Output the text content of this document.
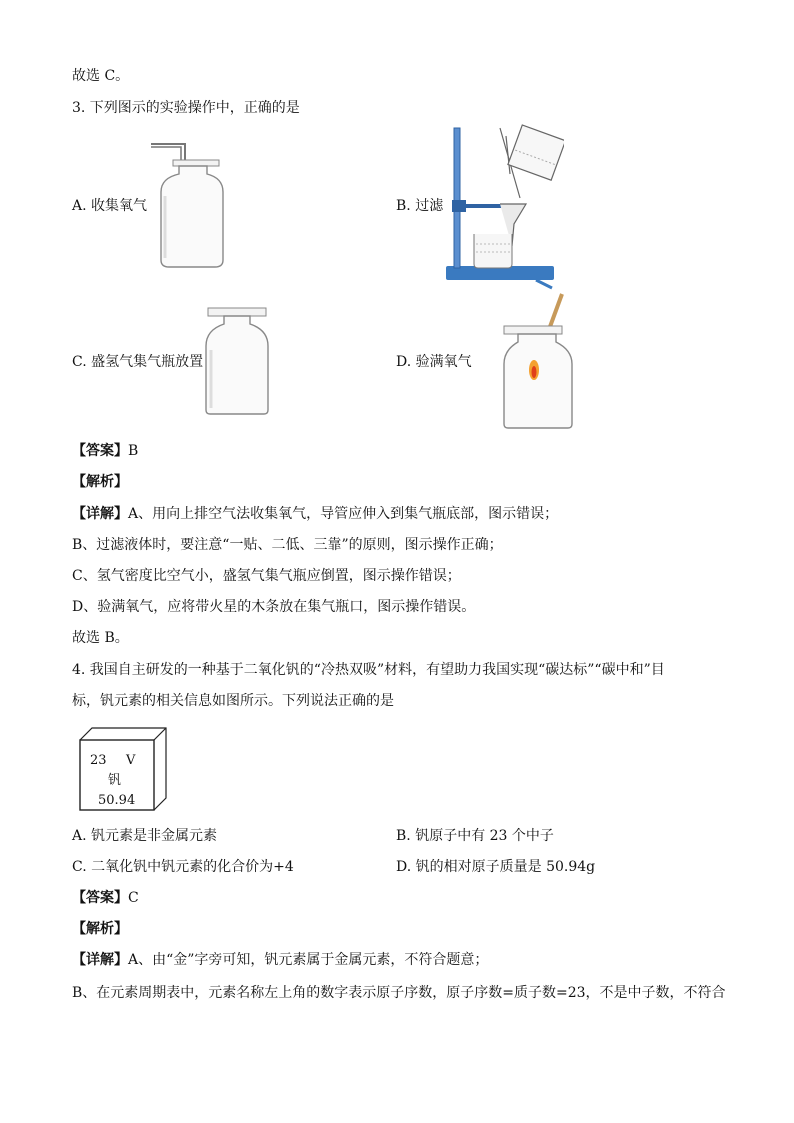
故选 C。
3. 下列图示的实验操作中，正确的是
A. 收集氧气	B. 过滤
C. 盛氢气集气瓶放置	D. 验满氧气
【答案】B
【解析】
【详解】A、用向上排空气法收集氧气，导管应伸入到集气瓶底部，图示错误；
B、过滤液体时，要注意“一贴、二低、三靠”的原则，图示操作正确；
C、氢气密度比空气小，盛氢气集气瓶应倒置，图示操作错误；
D、验满氧气，应将带火星的木条放在集气瓶口，图示操作错误。
故选 B。
4. 我国自主研发的一种基于二氧化钒的“冷热双吸”材料，有望助力我国实现“碳达标”“碳中和”目
标，钒元素的相关信息如图所示。下列说法正确的是
23 V
钒
50.94
A. 钒元素是非金属元素	B. 钒原子中有 23 个中子
C. 二氧化钒中钒元素的化合价为+4	D. 钒的相对原子质量是 50.94g
【答案】C
【解析】
【详解】A、由“金”字旁可知，钒元素属于金属元素，不符合题意；
B、在元素周期表中，元素名称左上角的数字表示原子序数，原子序数=质子数=23，不是中子数，不符合
